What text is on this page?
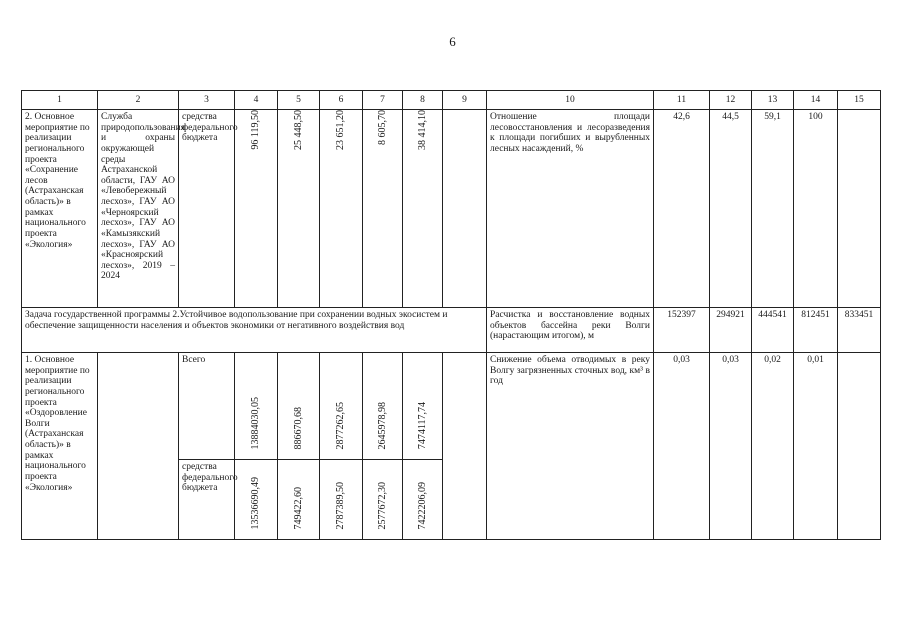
6
1	2	3	4	5	6	7	8	9	10	11	12	13	14	15
2. Основное мероприятие по реализации регионального проекта «Сохранение лесов (Астраханская область)» в рамках национального проекта «Экология»	Служба природопользования и охраны окружающей среды Астраханской области, ГАУ АО «Левобережный лесхоз», ГАУ АО «Черноярский лесхоз», ГАУ АО «Камызякский лесхоз», ГАУ АО «Красноярский лесхоз», 2019 – 2024	средства федерального бюджета	96 119,50	25 448,50	23 651,20	8 605,70	38 414,10		Отношение площади лесовосстановления и лесоразведения к площади погибших и вырубленных лесных насаждений, %	42,6	44,5	59,1	100	
Задача государственной программы 2.Устойчивое водопользование при сохранении водных экосистем и обеспечение защищенности населения и объектов экономики от негативного воздействия вод									Расчистка и восстановление водных объектов бассейна реки Волги (нарастающим итогом), м	152397	294921	444541	812451	833451
1. Основное мероприятие по реализации регионального проекта «Оздоровление Волги (Астраханская область)» в рамках национального проекта «Экология»		Всего	13884030,05	886670,68	2877262,65	2645978,98	7474117,74		Снижение объема отводимых в реку Волгу загрязненных сточных вод, км³ в год	0,03	0,03	0,02	0,01	
		средства федерального бюджета	13536690,49	749422,60	2787389,50	2577672,30	7422206,09							
